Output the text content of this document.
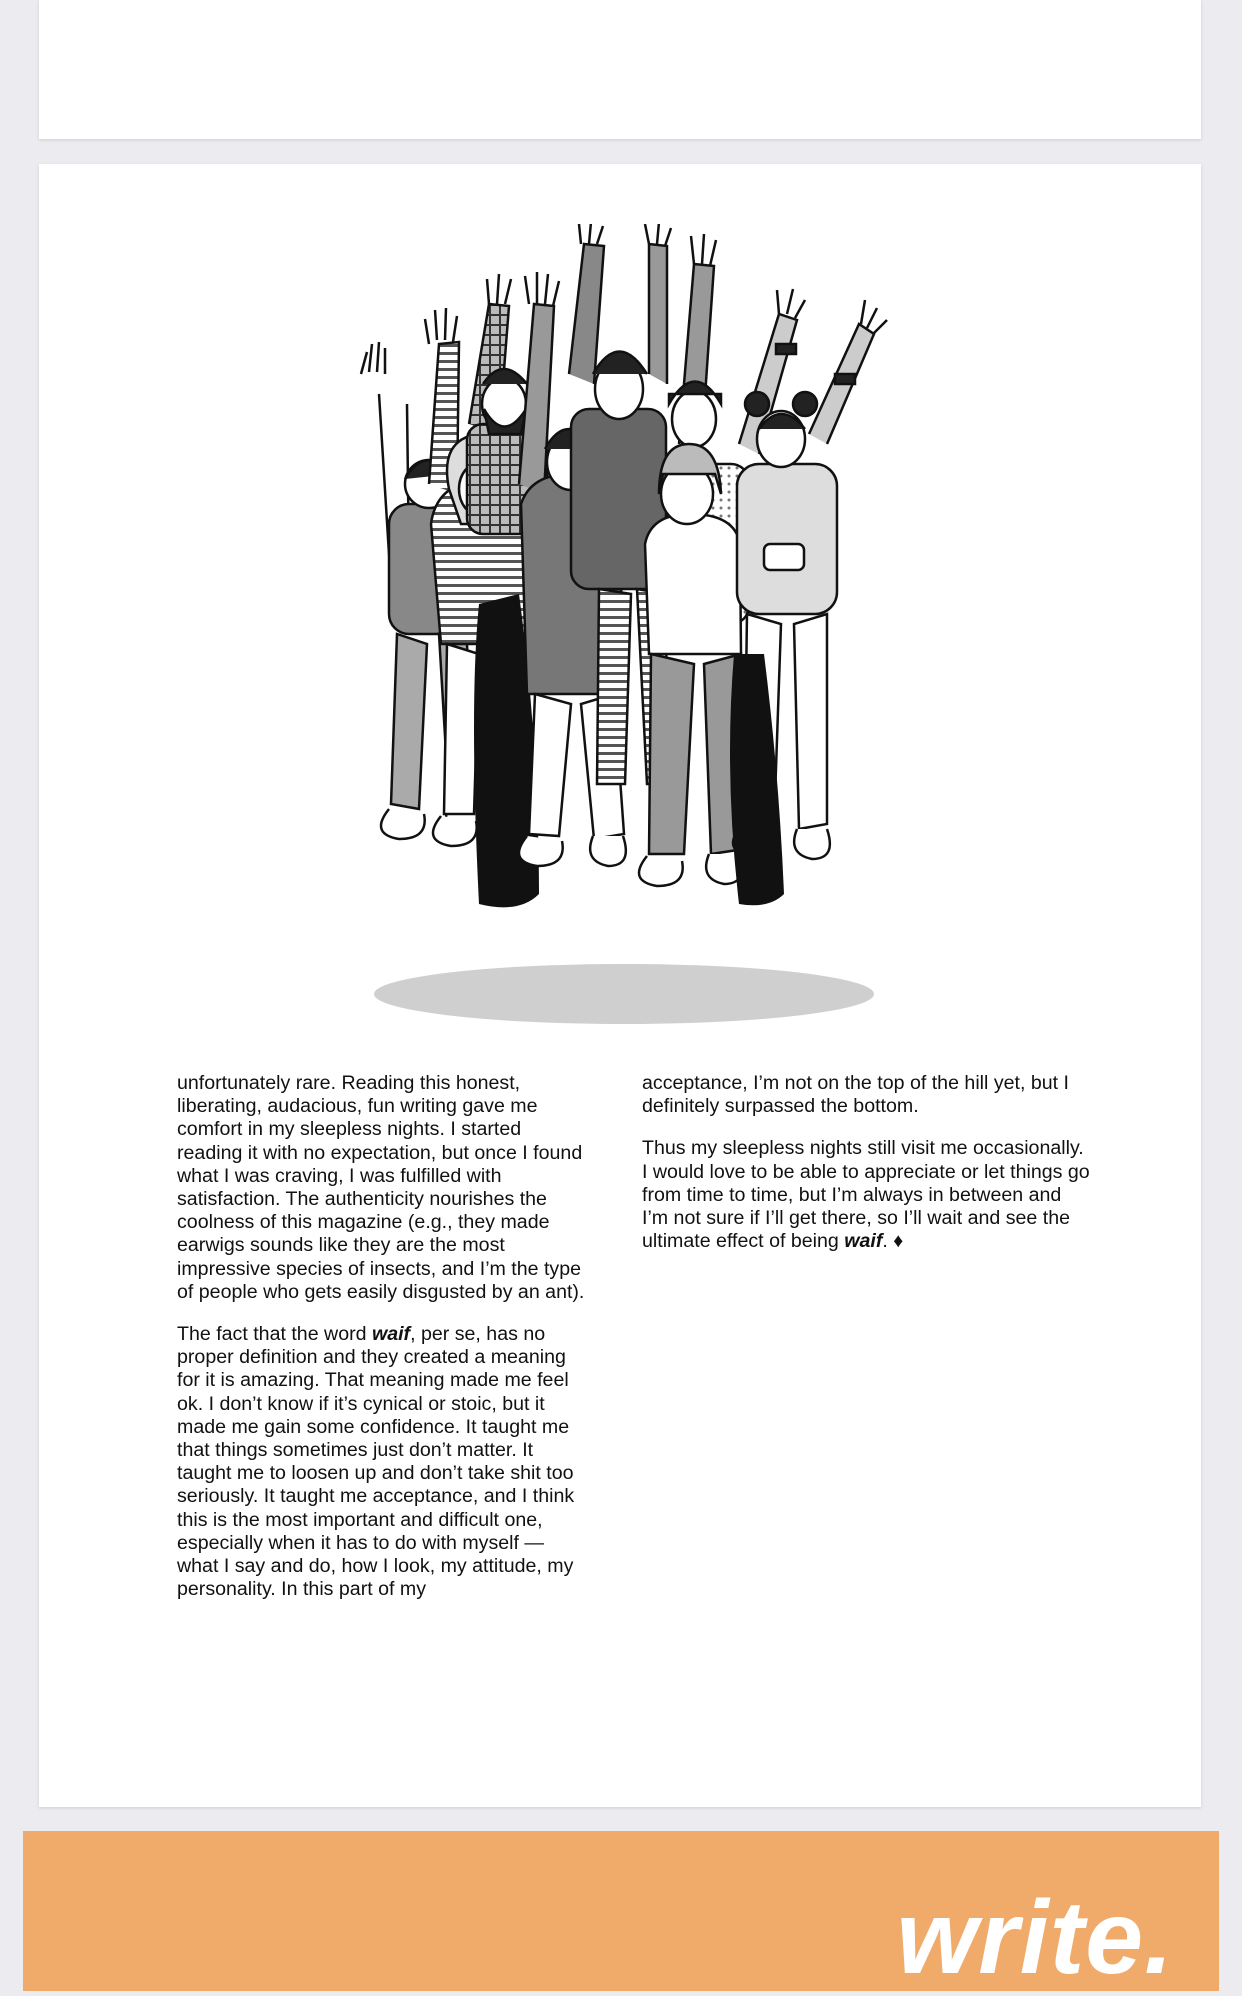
unfortunately rare. Reading this honest, liberating, audacious, fun writing gave me comfort in my sleepless nights. I started reading it with no expectation, but once I found what I was craving, I was fulfilled with satisfaction. The authenticity nourishes the coolness of this magazine (e.g., they made earwigs sounds like they are the most impressive species of insects, and I’m the type of people who gets easily disgusted by an ant).

The fact that the word waif, per se, has no proper definition and they created a meaning for it is amazing. That meaning made me feel ok. I don’t know if it’s cynical or stoic, but it made me gain some confidence. It taught me that things sometimes just don’t matter. It taught me to loosen up and don’t take shit too seriously. It taught me acceptance, and I think this is the most important and difficult one, especially when it has to do with myself — what I say and do, how I look, my attitude, my personality. In this part of my

acceptance, I’m not on the top of the hill yet, but I definitely surpassed the bottom.

Thus my sleepless nights still visit me occasionally. I would love to be able to appreciate or let things go from time to time, but I’m always in between and I’m not sure if I’ll get there, so I’ll wait and see the ultimate effect of being waif. ♦

write.
